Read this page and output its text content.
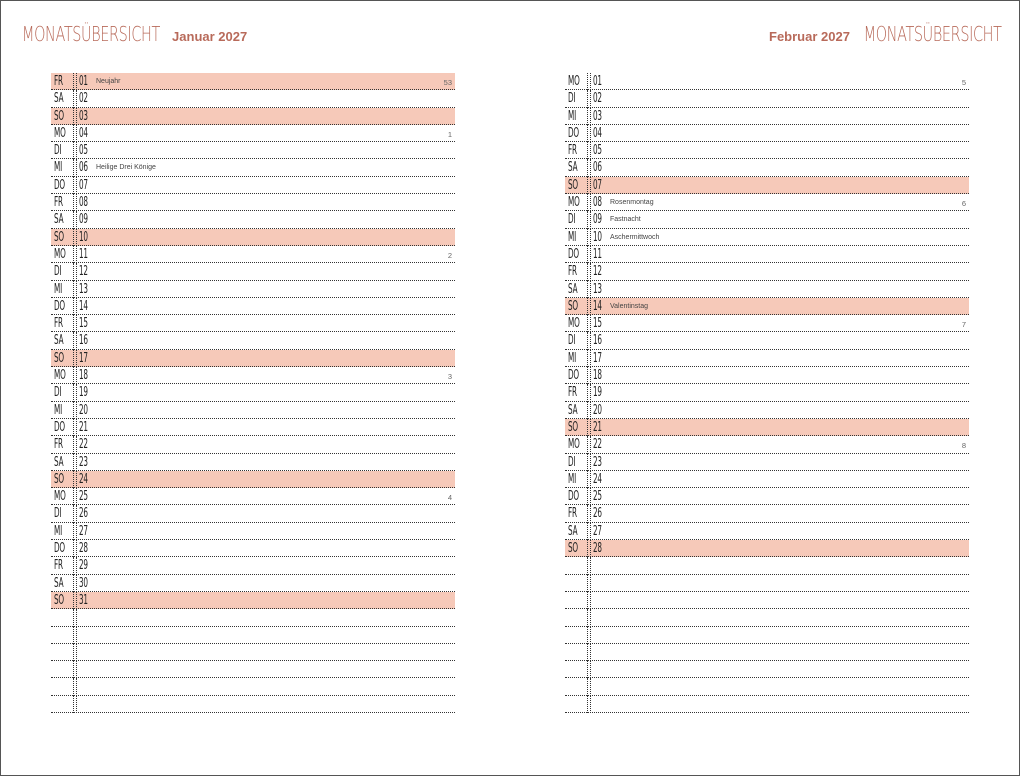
MONATSÜBERSICHT Januar 2027	Februar 2027 MONATSÜBERSICHT
FR 01 Neujahr	53
SA 02
SO 03
MO 04	1
DI 05
MI 06 Heilige Drei Könige
DO 07
FR 08
SA 09
SO 10
MO 11	2
DI 12
MI 13
DO 14
FR 15
SA 16
SO 17
MO 18	3
DI 19
MI 20
DO 21
FR 22
SA 23
SO 24
MO 25	4
DI 26
MI 27
DO 28
FR 29
SA 30
SO 31
MO 01	5
DI 02
MI 03
DO 04
FR 05
SA 06
SO 07
MO 08 Rosenmontag	6
DI 09 Fastnacht
MI 10 Aschermittwoch
DO 11
FR 12
SA 13
SO 14 Valentinstag
MO 15	7
DI 16
MI 17
DO 18
FR 19
SA 20
SO 21
MO 22	8
DI 23
MI 24
DO 25
FR 26
SA 27
SO 28
